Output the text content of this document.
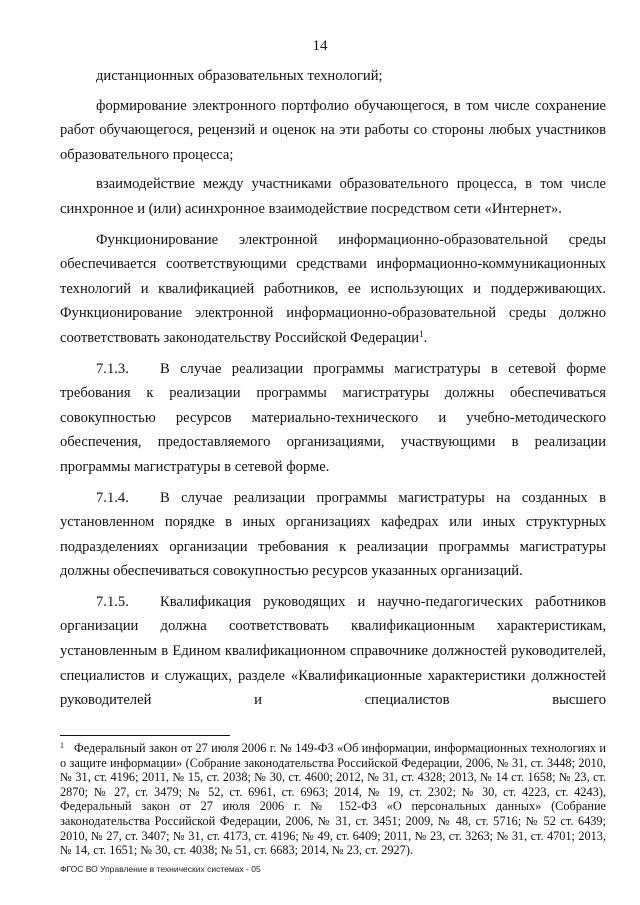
14

дистанционных образовательных технологий;

формирование электронного портфолио обучающегося, в том числе сохранение работ обучающегося, рецензий и оценок на эти работы со стороны любых участников образовательного процесса;

взаимодействие между участниками образовательного процесса, в том числе синхронное и (или) асинхронное взаимодействие посредством сети «Интернет».

Функционирование электронной информационно-образовательной среды обеспечивается соответствующими средствами информационно-коммуникационных технологий и квалификацией работников, ее использующих и поддерживающих. Функционирование электронной информационно-образовательной среды должно соответствовать законодательству Российской Федерации$^1$.

7.1.3. В случае реализации программы магистратуры в сетевой форме требования к реализации программы магистратуры должны обеспечиваться совокупностью ресурсов материально-технического и учебно-методического обеспечения, предоставляемого организациями, участвующими в реализации программы магистратуры в сетевой форме.

7.1.4. В случае реализации программы магистратуры на созданных в установленном порядке в иных организациях кафедрах или иных структурных подразделениях организации требования к реализации программы магистратуры должны обеспечиваться совокупностью ресурсов указанных организаций.

7.1.5. Квалификация руководящих и научно-педагогических работников организации должна соответствовать квалификационным характеристикам, установленным в Едином квалификационном справочнике должностей руководителей, специалистов и служащих, разделе «Квалификационные характеристики должностей руководителей и специалистов высшего

$^1$ Федеральный закон от 27 июля 2006 г. № 149-ФЗ «Об информации, информационных технологиях и о защите информации» (Собрание законодательства Российской Федерации, 2006, № 31, ст. 3448; 2010, № 31, ст. 4196; 2011, № 15, ст. 2038; № 30, ст. 4600; 2012, № 31, ст. 4328; 2013, № 14 ст. 1658; № 23, ст. 2870; № 27, ст. 3479; № 52, ст. 6961, ст. 6963; 2014, № 19, ст. 2302; № 30, ст. 4223, ст. 4243), Федеральный закон от 27 июля 2006 г. № 152-ФЗ «О персональных данных» (Собрание законодательства Российской Федерации, 2006, № 31, ст. 3451; 2009, № 48, ст. 5716; № 52 ст. 6439; 2010, № 27, ст. 3407; № 31, ст. 4173, ст. 4196; № 49, ст. 6409; 2011, № 23, ст. 3263; № 31, ст. 4701; 2013, № 14, ст. 1651; № 30, ст. 4038; № 51, ст. 6683; 2014, № 23, ст. 2927).
ФГОС ВО Управление в технических системах - 05
